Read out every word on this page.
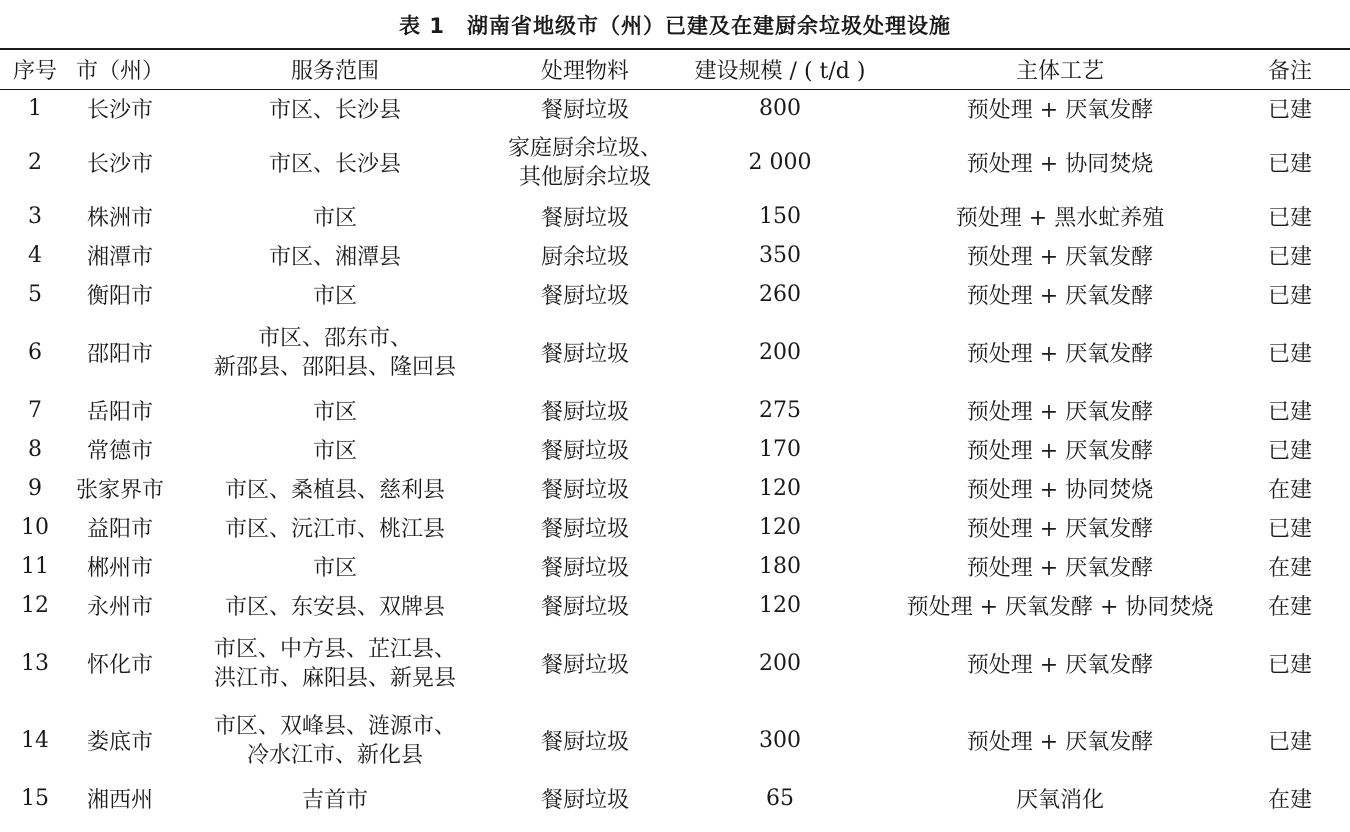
表 1　湖南省地级市（州）已建及在建厨余垃圾处理设施
序号	市（州）	服务范围	处理物料	建设规模 / ( t/d )	主体工艺	备注
1	长沙市	市区、长沙县	餐厨垃圾	800	预处理 + 厌氧发酵	已建
2	长沙市	市区、长沙县	家庭厨余垃圾、
其他厨余垃圾	2 000	预处理 + 协同焚烧	已建
3	株洲市	市区	餐厨垃圾	150	预处理 + 黑水虻养殖	已建
4	湘潭市	市区、湘潭县	厨余垃圾	350	预处理 + 厌氧发酵	已建
5	衡阳市	市区	餐厨垃圾	260	预处理 + 厌氧发酵	已建
6	邵阳市	市区、邵东市、
新邵县、邵阳县、隆回县	餐厨垃圾	200	预处理 + 厌氧发酵	已建
7	岳阳市	市区	餐厨垃圾	275	预处理 + 厌氧发酵	已建
8	常德市	市区	餐厨垃圾	170	预处理 + 厌氧发酵	已建
9	张家界市	市区、桑植县、慈利县	餐厨垃圾	120	预处理 + 协同焚烧	在建
10	益阳市	市区、沅江市、桃江县	餐厨垃圾	120	预处理 + 厌氧发酵	已建
11	郴州市	市区	餐厨垃圾	180	预处理 + 厌氧发酵	在建
12	永州市	市区、东安县、双牌县	餐厨垃圾	120	预处理 + 厌氧发酵 + 协同焚烧	在建
13	怀化市	市区、中方县、芷江县、
洪江市、麻阳县、新晃县	餐厨垃圾	200	预处理 + 厌氧发酵	已建
14	娄底市	市区、双峰县、涟源市、
冷水江市、新化县	餐厨垃圾	300	预处理 + 厌氧发酵	已建
15	湘西州	吉首市	餐厨垃圾	65	厌氧消化	在建
